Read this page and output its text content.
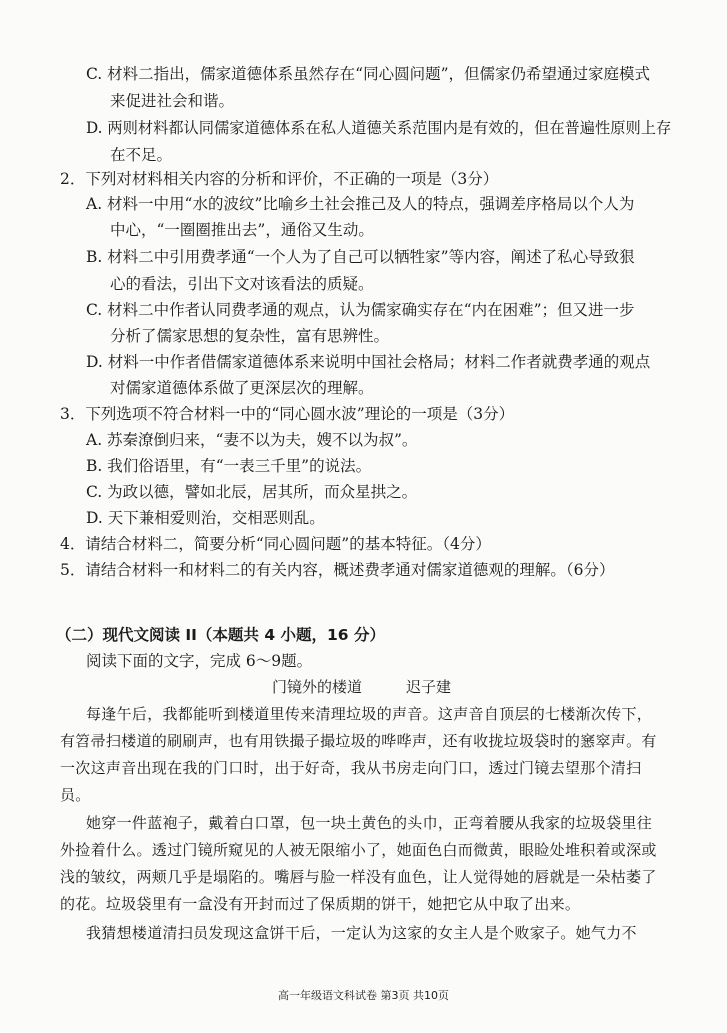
C. 材料二指出，儒家道德体系虽然存在“同心圆问题”，但儒家仍希望通过家庭模式
来促进社会和谐。
D. 两则材料都认同儒家道德体系在私人道德关系范围内是有效的，但在普遍性原则上存
在不足。
2．下列对材料相关内容的分析和评价，不正确的一项是（3分）
A. 材料一中用“水的波纹”比喻乡土社会推己及人的特点，强调差序格局以个人为
中心，“一圈圈推出去”，通俗又生动。
B. 材料二中引用费孝通“一个人为了自己可以牺牲家”等内容，阐述了私心导致狠
心的看法，引出下文对该看法的质疑。
C. 材料二中作者认同费孝通的观点，认为儒家确实存在“内在困难”；但又进一步
分析了儒家思想的复杂性，富有思辨性。
D. 材料一中作者借儒家道德体系来说明中国社会格局；材料二作者就费孝通的观点
对儒家道德体系做了更深层次的理解。
3．下列选项不符合材料一中的“同心圆水波”理论的一项是（3分）
A. 苏秦潦倒归来，“妻不以为夫，嫂不以为叔”。
B. 我们俗语里，有“一表三千里”的说法。
C. 为政以德，譬如北辰，居其所，而众星拱之。
D. 天下兼相爱则治，交相恶则乱。
4．请结合材料二，简要分析“同心圆问题”的基本特征。（4分）
5．请结合材料一和材料二的有关内容，概述费孝通对儒家道德观的理解。（6分）
（二）现代文阅读 II（本题共 4 小题，16 分）
阅读下面的文字，完成 6～9题。
门镜外的楼道	迟子建
每逢午后，我都能听到楼道里传来清理垃圾的声音。这声音自顶层的七楼渐次传下，
有笤帚扫楼道的刷刷声，也有用铁撮子撮垃圾的哗哗声，还有收拢垃圾袋时的窸窣声。有
一次这声音出现在我的门口时，出于好奇，我从书房走向门口，透过门镜去望那个清扫
员。
她穿一件蓝袍子，戴着白口罩，包一块土黄色的头巾，正弯着腰从我家的垃圾袋里往
外捡着什么。透过门镜所窥见的人被无限缩小了，她面色白而微黄，眼睑处堆积着或深或
浅的皱纹，两颊几乎是塌陷的。嘴唇与脸一样没有血色，让人觉得她的唇就是一朵枯萎了
的花。垃圾袋里有一盒没有开封而过了保质期的饼干，她把它从中取了出来。
我猜想楼道清扫员发现这盒饼干后，一定认为这家的女主人是个败家子。她气力不
高一年级语文科试卷 第3页 共10页
